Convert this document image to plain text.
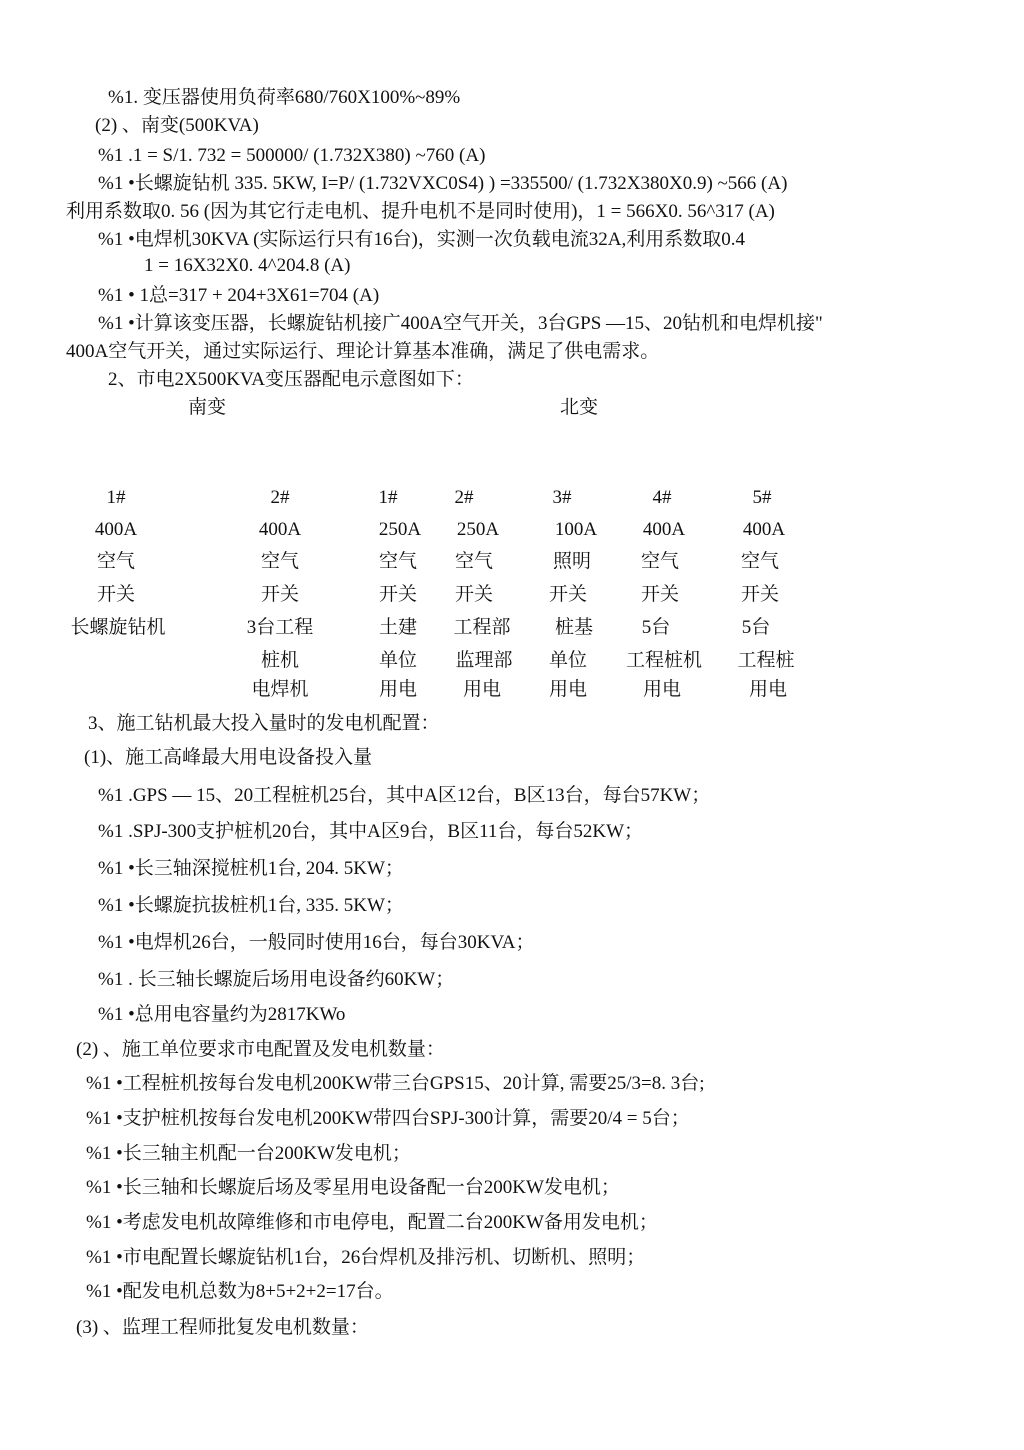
%1. 变压器使用负荷率680/760X100%~89%
(2) 、南变(500KVA)
%1 .1 = S/1. 732 = 500000/ (1.732X380) ~760 (A)
%1 •长螺旋钻机 335. 5KW, I=P/ (1.732VXC0S4) ) =335500/ (1.732X380X0.9) ~566 (A)
利用系数取0. 56 (因为其它行走电机、提升电机不是同时使用)，1 = 566X0. 56^317 (A)
%1 •电焊机30KVA (实际运行只有16台)，实测一次负载电流32A,利用系数取0.4
1 = 16X32X0. 4^204.8 (A)
%1 • 1总=317 + 204+3X61=704 (A)
%1 •计算该变压器，长螺旋钻机接广400A空气开关，3台GPS —15、20钻机和电焊机接"
400A空气开关，通过实际运行、理论计算基本准确，满足了供电需求。
2、市电2X500KVA变压器配电示意图如下：
南变	北变
1#
400A
空气
开关
长螺旋钻机
2#
400A
空气
开关
3台工程
桩机
电焊机
1#
250A
空气
开关
土建
单位
用电
2#
250A
空气
开关
工程部
监理部
用电
3#
100A
照明
开关
桩基
单位
用电
4#
400A
空气
开关
5台
工程桩机
用电
5#
400A
空气
开关
5台
工程桩
用电
3、施工钻机最大投入量时的发电机配置：
(1)、施工高峰最大用电设备投入量
%1 .GPS — 15、20工程桩机25台，其中A区12台，B区13台，每台57KW；
%1 .SPJ-300支护桩机20台，其中A区9台，B区11台，每台52KW；
%1 •长三轴深搅桩机1台, 204. 5KW；
%1 •长螺旋抗拔桩机1台, 335. 5KW；
%1 •电焊机26台，一般同时使用16台，每台30KVA；
%1 . 长三轴长螺旋后场用电设备约60KW；
%1 •总用电容量约为2817KWo
(2) 、施工单位要求市电配置及发电机数量：
%1 •工程桩机按每台发电机200KW带三台GPS15、20计算, 需要25/3=8. 3台;
%1 •支护桩机按每台发电机200KW带四台SPJ-300计算，需要20/4 = 5台；
%1 •长三轴主机配一台200KW发电机；
%1 •长三轴和长螺旋后场及零星用电设备配一台200KW发电机；
%1 •考虑发电机故障维修和市电停电，配置二台200KW备用发电机；
%1 •市电配置长螺旋钻机1台，26台焊机及排污机、切断机、照明；
%1 •配发电机总数为8+5+2+2=17台。
(3) 、监理工程师批复发电机数量：
